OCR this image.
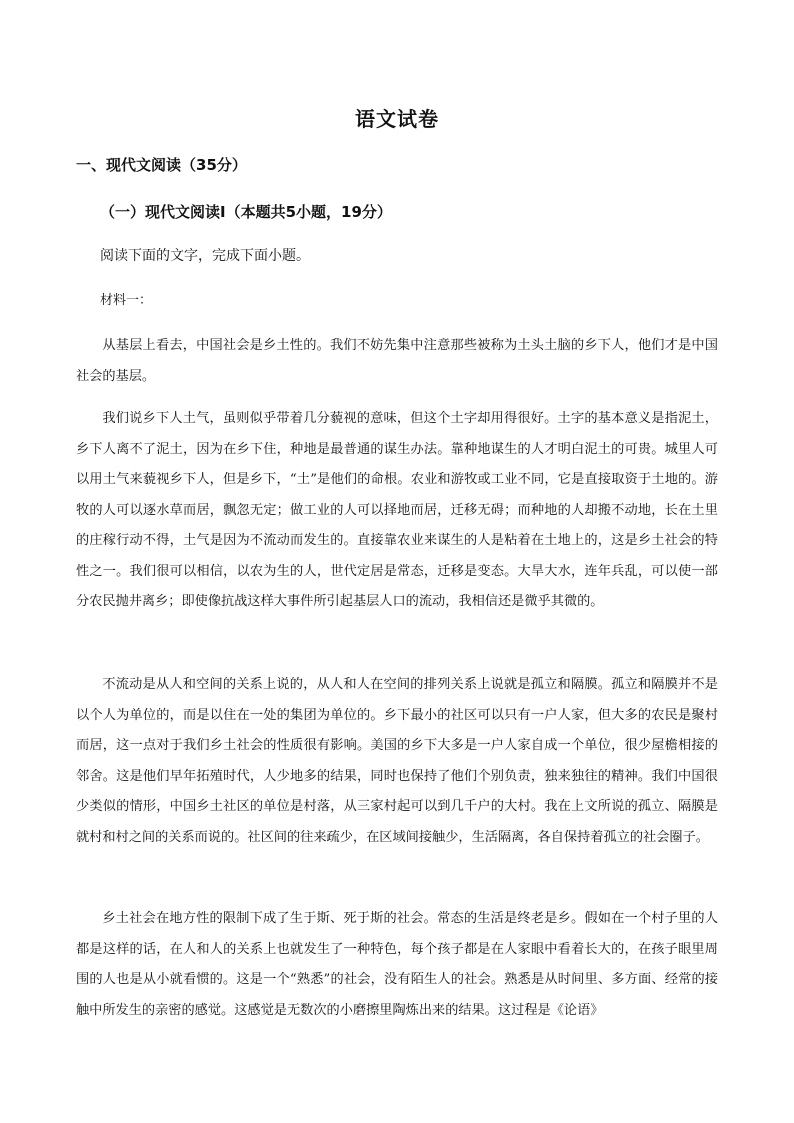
语文试卷
一、现代文阅读（35分）
（一）现代文阅读Ⅰ（本题共5小题，19分）
阅读下面的文字，完成下面小题。
材料一：

从基层上看去，中国社会是乡土性的。我们不妨先集中注意那些被称为土头土脑的乡下人，他们才是中国社会的基层。

我们说乡下人土气，虽则似乎带着几分藐视的意味，但这个土字却用得很好。土字的基本意义是指泥土，乡下人离不了泥土，因为在乡下住，种地是最普通的谋生办法。靠种地谋生的人才明白泥土的可贵。城里人可以用土气来藐视乡下人，但是乡下，“土”是他们的命根。农业和游牧或工业不同，它是直接取资于土地的。游牧的人可以逐水草而居，飘忽无定；做工业的人可以择地而居，迁移无碍；而种地的人却搬不动地，长在土里的庄稼行动不得，土气是因为不流动而发生的。直接靠农业来谋生的人是粘着在土地上的，这是乡土社会的特性之一。我们很可以相信，以农为生的人，世代定居是常态，迁移是变态。大旱大水，连年兵乱，可以使一部分农民抛井离乡；即使像抗战这样大事件所引起基层人口的流动，我相信还是微乎其微的。

不流动是从人和空间的关系上说的，从人和人在空间的排列关系上说就是孤立和隔膜。孤立和隔膜并不是以个人为单位的，而是以住在一处的集团为单位的。乡下最小的社区可以只有一户人家，但大多的农民是聚村而居，这一点对于我们乡土社会的性质很有影响。美国的乡下大多是一户人家自成一个单位，很少屋檐相接的邻舍。这是他们早年拓殖时代，人少地多的结果，同时也保持了他们个别负责，独来独往的精神。我们中国很少类似的情形，中国乡土社区的单位是村落，从三家村起可以到几千户的大村。我在上文所说的孤立、隔膜是就村和村之间的关系而说的。社区间的往来疏少，在区域间接触少，生活隔离，各自保持着孤立的社会圈子。

乡土社会在地方性的限制下成了生于斯、死于斯的社会。常态的生活是终老是乡。假如在一个村子里的人都是这样的话，在人和人的关系上也就发生了一种特色，每个孩子都是在人家眼中看着长大的，在孩子眼里周围的人也是从小就看惯的。这是一个“熟悉”的社会，没有陌生人的社会。熟悉是从时间里、多方面、经常的接触中所发生的亲密的感觉。这感觉是无数次的小磨擦里陶炼出来的结果。这过程是《论语》
